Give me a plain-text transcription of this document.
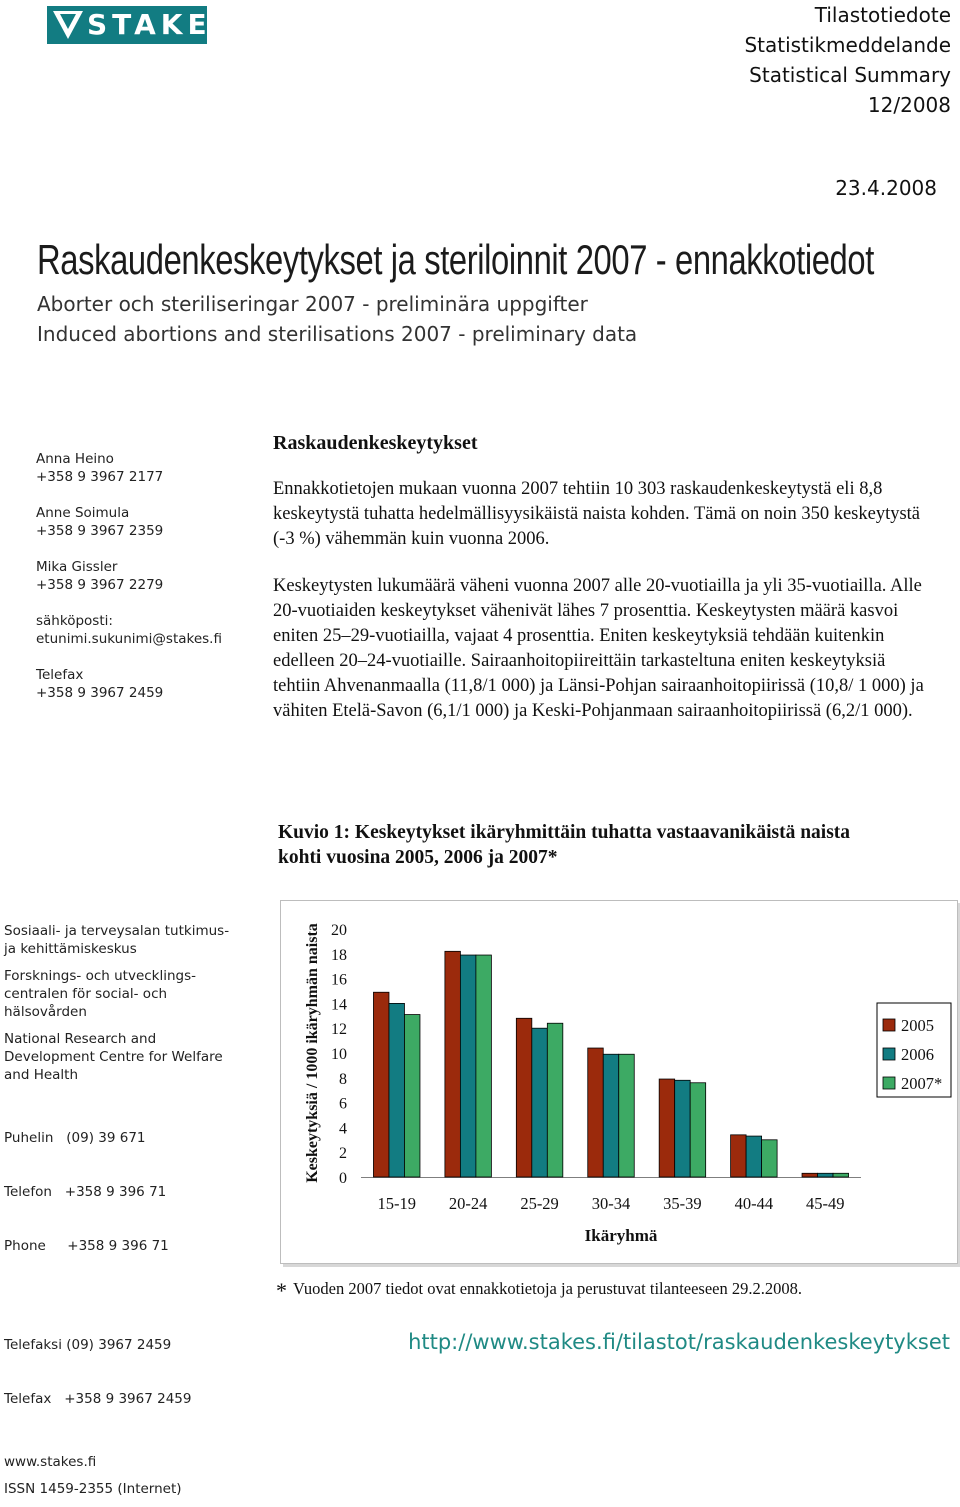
STAKES	Tilastotiedote
Statistikmeddelande
Statistical Summary
12/2008
23.4.2008
Raskaudenkeskeytykset ja steriloinnit 2007 - ennakkotiedot
Aborter och steriliseringar 2007 - preliminära uppgifter
Induced abortions and sterilisations 2007 - preliminary data
Anna Heino
+358 9 3967 2177
Anne Soimula
+358 9 3967 2359
Mika Gissler
+358 9 3967 2279
sähköposti:
etunimi.sukunimi@stakes.fi
Telefax
+358 9 3967 2459
Raskaudenkeskeytykset

Ennakkotietojen mukaan vuonna 2007 tehtiin 10 303 raskaudenkeskeytystä eli 8,8 keskeytystä tuhatta hedelmällisyysikäistä naista kohden. Tämä on noin 350 keskeytystä (-3 %) vähemmän kuin vuonna 2006.

Keskeytysten lukumäärä väheni vuonna 2007 alle 20-vuotiailla ja yli 35-vuotiailla. Alle 20-vuotiaiden keskeytykset vähenivät lähes 7 prosenttia. Keskeytysten määrä kasvoi eniten 25–29-vuotiailla, vajaat 4 prosenttia. Eniten keskeytyksiä tehdään kuitenkin edelleen 20–24-vuotiaille. Sairaanhoitopiireittäin tarkasteltuna eniten keskeytyksiä tehtiin Ahvenanmaalla (11,8/1 000) ja Länsi-Pohjan sairaanhoitopiirissä (10,8/ 1 000) ja vähiten Etelä-Savon (6,1/1 000) ja Keski-Pohjanmaan sairaanhoitopiirissä (6,2/1 000).

Kuvio 1: Keskeytykset ikäryhmittäin tuhatta vastaavanikäistä naista
kohti vuosina 2005, 2006 ja 2007*
Sosiaali- ja terveysalan tutkimus-
ja kehittämiskeskus
Forsknings- och utvecklings-
centralen för social- och
hälsovården
National Research and
Development Centre for Welfare
and Health

Puhelin   (09) 39 671

Telefon   +358 9 396 71

Phone     +358 9 396 71

Telefaksi (09) 3967 2459

Telefax   +358 9 3967 2459

www.stakes.fi
ISSN 1459-2355 (Internet)
0
2
4
6
8
10
12
14
16
18
20
Keskeytyksiä / 1000 ikäryhmän naista
15-19 20-24 25-29 30-34 35-39 40-44 45-49
Ikäryhmä
2005
2006
2007*
* Vuoden 2007 tiedot ovat ennakkotietoja ja perustuvat tilanteeseen 29.2.2008.
http://www.stakes.fi/tilastot/raskaudenkeskeytykset
